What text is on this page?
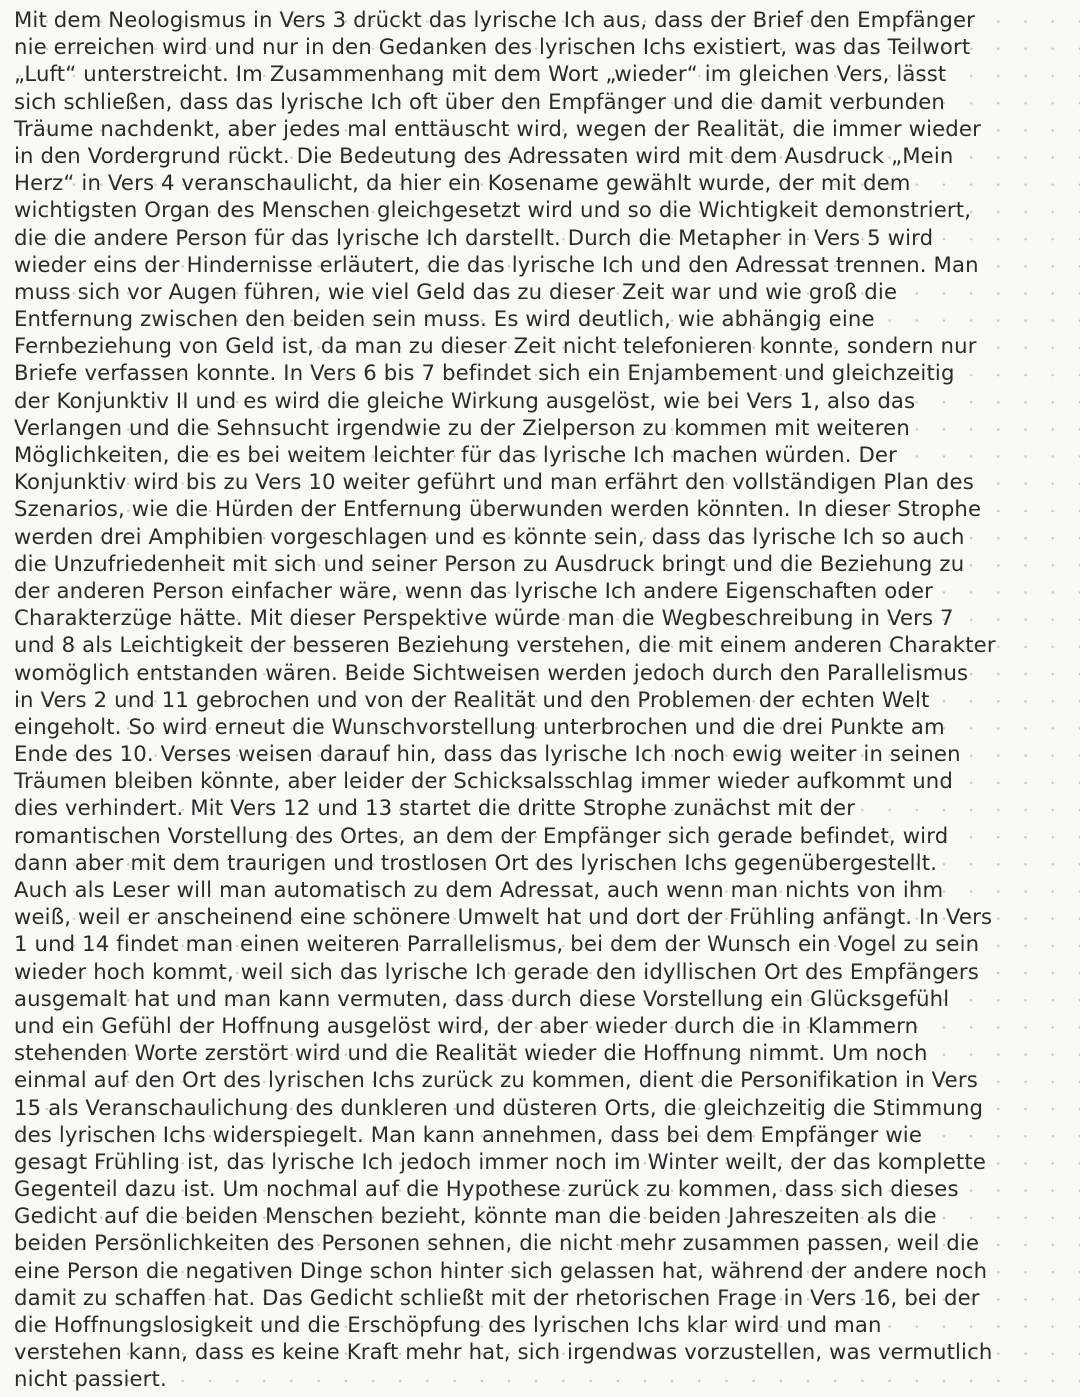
Mit dem Neologismus in Vers 3 drückt das lyrische Ich aus, dass der Brief den Empfänger
nie erreichen wird und nur in den Gedanken des lyrischen Ichs existiert, was das Teilwort
„Luft“ unterstreicht. Im Zusammenhang mit dem Wort „wieder“ im gleichen Vers, lässt
sich schließen, dass das lyrische Ich oft über den Empfänger und die damit verbunden
Träume nachdenkt, aber jedes mal enttäuscht wird, wegen der Realität, die immer wieder
in den Vordergrund rückt. Die Bedeutung des Adressaten wird mit dem Ausdruck „Mein
Herz“ in Vers 4 veranschaulicht, da hier ein Kosename gewählt wurde, der mit dem
wichtigsten Organ des Menschen gleichgesetzt wird und so die Wichtigkeit demonstriert,
die die andere Person für das lyrische Ich darstellt. Durch die Metapher in Vers 5 wird
wieder eins der Hindernisse erläutert, die das lyrische Ich und den Adressat trennen. Man
muss sich vor Augen führen, wie viel Geld das zu dieser Zeit war und wie groß die
Entfernung zwischen den beiden sein muss. Es wird deutlich, wie abhängig eine
Fernbeziehung von Geld ist, da man zu dieser Zeit nicht telefonieren konnte, sondern nur
Briefe verfassen konnte. In Vers 6 bis 7 befindet sich ein Enjambement und gleichzeitig
der Konjunktiv II und es wird die gleiche Wirkung ausgelöst, wie bei Vers 1, also das
Verlangen und die Sehnsucht irgendwie zu der Zielperson zu kommen mit weiteren
Möglichkeiten, die es bei weitem leichter für das lyrische Ich machen würden. Der
Konjunktiv wird bis zu Vers 10 weiter geführt und man erfährt den vollständigen Plan des
Szenarios, wie die Hürden der Entfernung überwunden werden könnten. In dieser Strophe
werden drei Amphibien vorgeschlagen und es könnte sein, dass das lyrische Ich so auch
die Unzufriedenheit mit sich und seiner Person zu Ausdruck bringt und die Beziehung zu
der anderen Person einfacher wäre, wenn das lyrische Ich andere Eigenschaften oder
Charakterzüge hätte. Mit dieser Perspektive würde man die Wegbeschreibung in Vers 7
und 8 als Leichtigkeit der besseren Beziehung verstehen, die mit einem anderen Charakter
womöglich entstanden wären. Beide Sichtweisen werden jedoch durch den Parallelismus
in Vers 2 und 11 gebrochen und von der Realität und den Problemen der echten Welt
eingeholt. So wird erneut die Wunschvorstellung unterbrochen und die drei Punkte am
Ende des 10. Verses weisen darauf hin, dass das lyrische Ich noch ewig weiter in seinen
Träumen bleiben könnte, aber leider der Schicksalsschlag immer wieder aufkommt und
dies verhindert. Mit Vers 12 und 13 startet die dritte Strophe zunächst mit der
romantischen Vorstellung des Ortes, an dem der Empfänger sich gerade befindet, wird
dann aber mit dem traurigen und trostlosen Ort des lyrischen Ichs gegenübergestellt.
Auch als Leser will man automatisch zu dem Adressat, auch wenn man nichts von ihm
weiß, weil er anscheinend eine schönere Umwelt hat und dort der Frühling anfängt. In Vers
1 und 14 findet man einen weiteren Parrallelismus, bei dem der Wunsch ein Vogel zu sein
wieder hoch kommt, weil sich das lyrische Ich gerade den idyllischen Ort des Empfängers
ausgemalt hat und man kann vermuten, dass durch diese Vorstellung ein Glücksgefühl
und ein Gefühl der Hoffnung ausgelöst wird, der aber wieder durch die in Klammern
stehenden Worte zerstört wird und die Realität wieder die Hoffnung nimmt. Um noch
einmal auf den Ort des lyrischen Ichs zurück zu kommen, dient die Personifikation in Vers
15 als Veranschaulichung des dunkleren und düsteren Orts, die gleichzeitig die Stimmung
des lyrischen Ichs widerspiegelt. Man kann annehmen, dass bei dem Empfänger wie
gesagt Frühling ist, das lyrische Ich jedoch immer noch im Winter weilt, der das komplette
Gegenteil dazu ist. Um nochmal auf die Hypothese zurück zu kommen, dass sich dieses
Gedicht auf die beiden Menschen bezieht, könnte man die beiden Jahreszeiten als die
beiden Persönlichkeiten des Personen sehnen, die nicht mehr zusammen passen, weil die
eine Person die negativen Dinge schon hinter sich gelassen hat, während der andere noch
damit zu schaffen hat. Das Gedicht schließt mit der rhetorischen Frage in Vers 16, bei der
die Hoffnungslosigkeit und die Erschöpfung des lyrischen Ichs klar wird und man
verstehen kann, dass es keine Kraft mehr hat, sich irgendwas vorzustellen, was vermutlich
nicht passiert.
